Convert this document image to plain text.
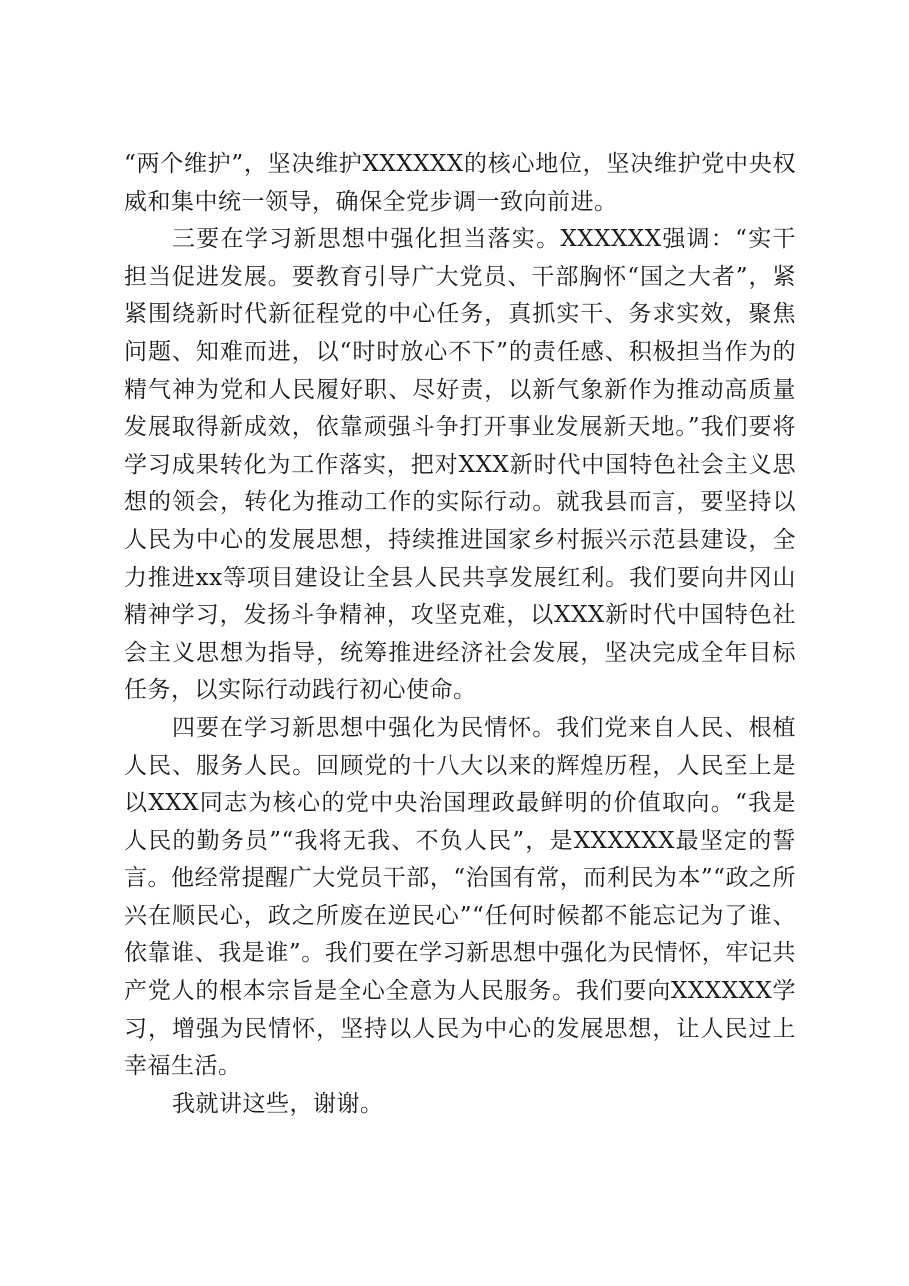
“两个维护”，坚决维护XXXXXX的核心地位，坚决维护党中央权威和集中统一领导，确保全党步调一致向前进。

三要在学习新思想中强化担当落实。XXXXXX强调：“实干担当促进发展。要教育引导广大党员、干部胸怀“国之大者”，紧紧围绕新时代新征程党的中心任务，真抓实干、务求实效，聚焦问题、知难而进，以“时时放心不下”的责任感、积极担当作为的精气神为党和人民履好职、尽好责，以新气象新作为推动高质量发展取得新成效，依靠顽强斗争打开事业发展新天地。”我们要将学习成果转化为工作落实，把对XXX新时代中国特色社会主义思想的领会，转化为推动工作的实际行动。就我县而言，要坚持以人民为中心的发展思想，持续推进国家乡村振兴示范县建设，全力推进xx等项目建设让全县人民共享发展红利。我们要向井冈山精神学习，发扬斗争精神，攻坚克难，以XXX新时代中国特色社会主义思想为指导，统筹推进经济社会发展，坚决完成全年目标任务，以实际行动践行初心使命。

四要在学习新思想中强化为民情怀。我们党来自人民、根植人民、服务人民。回顾党的十八大以来的辉煌历程，人民至上是以XXX同志为核心的党中央治国理政最鲜明的价值取向。“我是人民的勤务员”“我将无我、不负人民”，是XXXXXX最坚定的誓言。他经常提醒广大党员干部，“治国有常，而利民为本”“政之所兴在顺民心，政之所废在逆民心”“任何时候都不能忘记为了谁、依靠谁、我是谁”。我们要在学习新思想中强化为民情怀，牢记共产党人的根本宗旨是全心全意为人民服务。我们要向XXXXXX学习，增强为民情怀，坚持以人民为中心的发展思想，让人民过上幸福生活。

我就讲这些，谢谢。
